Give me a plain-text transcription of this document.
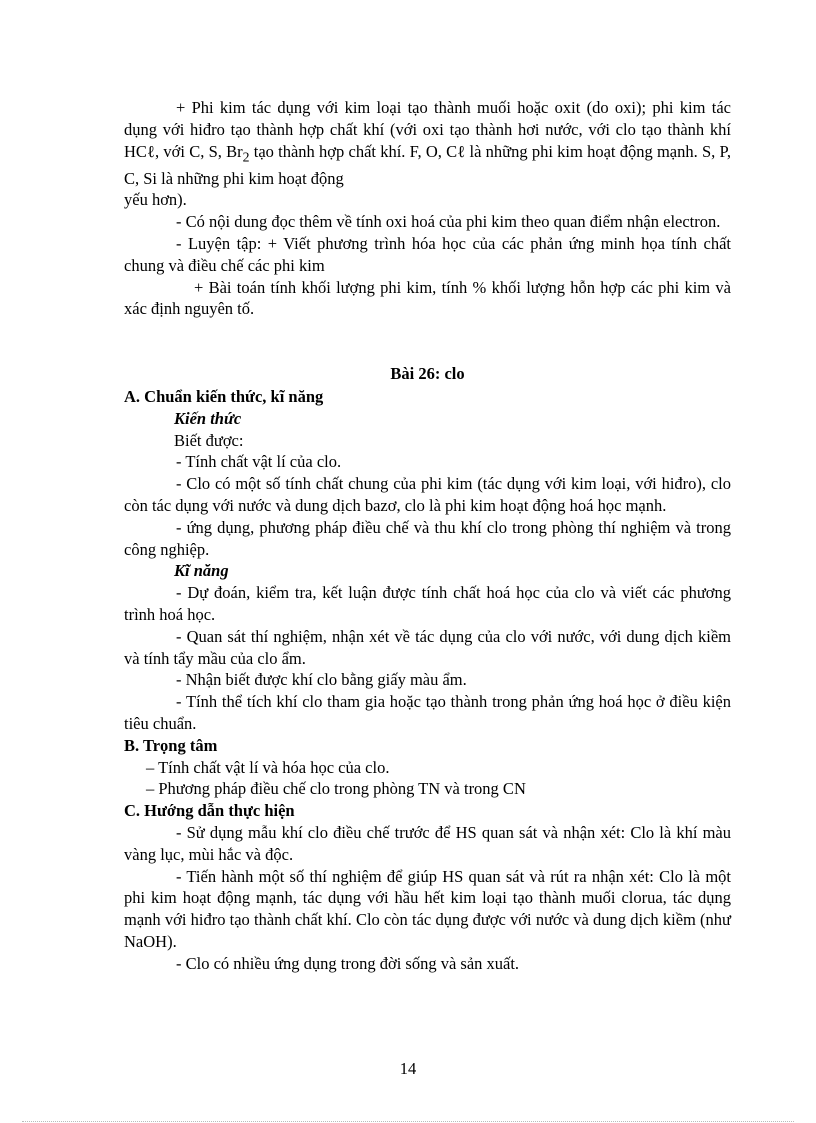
+ Phi kim tác dụng với kim loại tạo thành muối hoặc oxit (do oxi); phi kim tác dụng với hiđro tạo thành hợp chất khí (với oxi tạo thành hơi nước, với clo tạo thành khí HCℓ, với C, S, $Br_2$ tạo thành hợp chất khí. F, O, Cℓ là những phi kim hoạt động mạnh. S, P, C, Si là những phi kim hoạt động

yếu hơn).

- Có nội dung đọc thêm về tính oxi hoá của phi kim theo quan điểm nhận electron.

- Luyện tập: + Viết phương trình hóa học của các phản ứng minh họa tính chất chung và điều chế các phi kim

+ Bài toán tính khối lượng phi kim, tính % khối lượng hỗn hợp các phi kim và xác định nguyên tố.

Bài 26: clo

A. Chuẩn kiến thức, kĩ năng

Kiến thức

Biết được:

- Tính chất vật lí của clo.

- Clo có một số tính chất chung của phi kim (tác dụng với kim loại, với hiđro), clo còn tác dụng với nước và dung dịch bazơ, clo là phi kim hoạt động hoá học mạnh.

- ứng dụng, phương pháp điều chế và thu khí clo trong phòng thí nghiệm và trong công nghiệp.

Kĩ năng

- Dự đoán, kiểm tra, kết luận được tính chất hoá học của clo và viết các phương trình hoá học.

- Quan sát thí nghiệm, nhận xét về tác dụng của clo với nước, với dung dịch kiềm và tính tẩy mầu của clo ẩm.

- Nhận biết được khí clo bằng giấy màu ẩm.

- Tính thể tích khí clo tham gia hoặc tạo thành trong phản ứng hoá học ở điều kiện tiêu chuẩn.

B. Trọng tâm

– Tính chất vật lí và hóa học của clo.

– Phương pháp điều chế clo trong phòng TN và trong CN

C. Hướng dẫn thực hiện

- Sử dụng mẫu khí clo điều chế trước để HS quan sát và nhận xét: Clo là khí màu vàng lục, mùi hắc và độc.

- Tiến hành một số thí nghiệm để giúp HS quan sát và rút ra nhận xét: Clo là một phi kim hoạt động mạnh, tác dụng với hầu hết kim loại tạo thành muối clorua, tác dụng mạnh với hiđro tạo thành chất khí. Clo còn tác dụng được với nước và dung dịch kiềm (như NaOH).

- Clo có nhiều ứng dụng trong đời sống và sản xuất.

14
